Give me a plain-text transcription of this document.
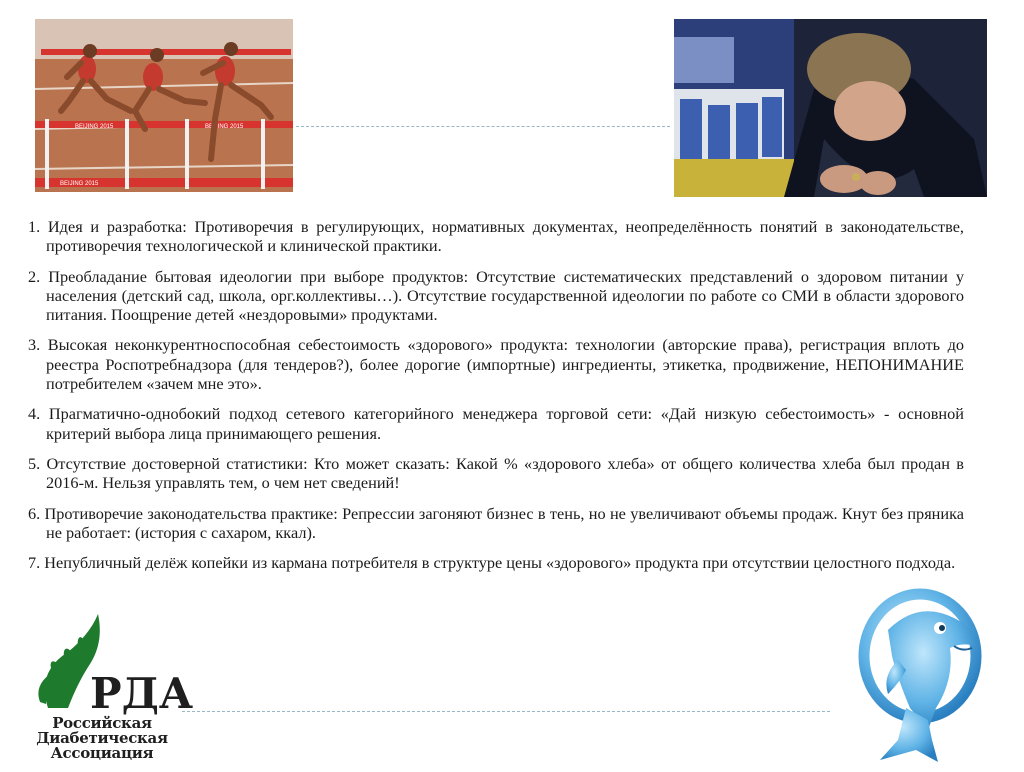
BEIJING 2015	BEIJING 2015
BEIJING 2015

1. Идея и разработка: Противоречия в регулирующих, нормативных документах, неопределённость понятий в законодательстве, противоречия технологической и клинической практики.

2. Преобладание бытовая идеологии при выборе продуктов: Отсутствие систематических представлений о здоровом питании у населения (детский сад, школа, орг.коллективы…). Отсутствие государственной идеологии по работе со СМИ в области здорового питания. Поощрение детей «нездоровыми» продуктами.

3. Высокая неконкурентноспособная себестоимость «здорового» продукта: технологии (авторские права), регистрация вплоть до реестра Роспотребнадзора (для тендеров?), более дорогие (импортные) ингредиенты, этикетка, продвижение, НЕПОНИМАНИЕ потребителем «зачем мне это».

4. Прагматично-однобокий подход сетевого категорийного менеджера торговой сети: «Дай низкую себестоимость» - основной критерий выбора лица принимающего решения.

5. Отсутствие достоверной статистики: Кто может сказать: Какой % «здорового хлеба» от общего количества хлеба был продан в 2016-м. Нельзя управлять тем, о чем нет сведений!

6. Противоречие законодательства практике: Репрессии загоняют бизнес в тень, но не увеличивают объемы продаж. Кнут без пряника не работает: (история с сахаром, ккал).

7. Непубличный делёж копейки из кармана потребителя в структуре цены «здорового» продукта при отсутствии целостного подхода.

РДА
Российская
Диабетическая
Ассоциация
